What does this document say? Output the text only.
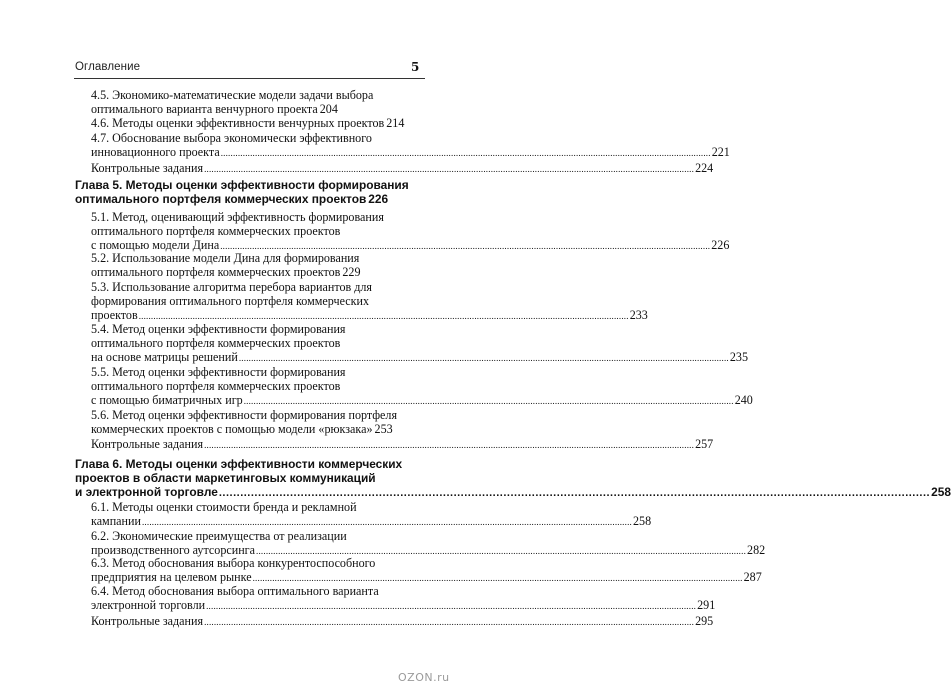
Оглавление	5
4.5. Экономико-математические модели задачи выбора
оптимального варианта венчурного проекта 204
4.6. Методы оценки эффективности венчурных проектов 214
4.7. Обоснование выбора экономически эффективного
инновационного проекта ........................................................................................................................................................................................................ 221
Контрольные задания ........................................................................................................................................................................................................ 224
Глава 5. Методы оценки эффективности формирования
оптимального портфеля коммерческих проектов 226
5.1. Метод, оценивающий эффективность формирования
оптимального портфеля коммерческих проектов
с помощью модели Дина ........................................................................................................................................................................................................ 226
5.2. Использование модели Дина для формирования
оптимального портфеля коммерческих проектов 229
5.3. Использование алгоритма перебора вариантов для
формирования оптимального портфеля коммерческих
проектов ........................................................................................................................................................................................................ 233
5.4. Метод оценки эффективности формирования
оптимального портфеля коммерческих проектов
на основе матрицы решений ........................................................................................................................................................................................................ 235
5.5. Метод оценки эффективности формирования
оптимального портфеля коммерческих проектов
с помощью биматричных игр ........................................................................................................................................................................................................ 240
5.6. Метод оценки эффективности формирования портфеля
коммерческих проектов с помощью модели «рюкзака» 253
Контрольные задания ........................................................................................................................................................................................................ 257
Глава 6. Методы оценки эффективности коммерческих
проектов в области маркетинговых коммуникаций
и электронной торговле ........................................................................................................................................................................................................ 258
6.1. Методы оценки стоимости бренда и рекламной
кампании ........................................................................................................................................................................................................ 258
6.2. Экономические преимущества от реализации
производственного аутсорсинга ........................................................................................................................................................................................................ 282
6.3. Метод обоснования выбора конкурентоспособного
предприятия на целевом рынке ........................................................................................................................................................................................................ 287
6.4. Метод обоснования выбора оптимального варианта
электронной торговли ........................................................................................................................................................................................................ 291
Контрольные задания ........................................................................................................................................................................................................ 295
OZON.ru
